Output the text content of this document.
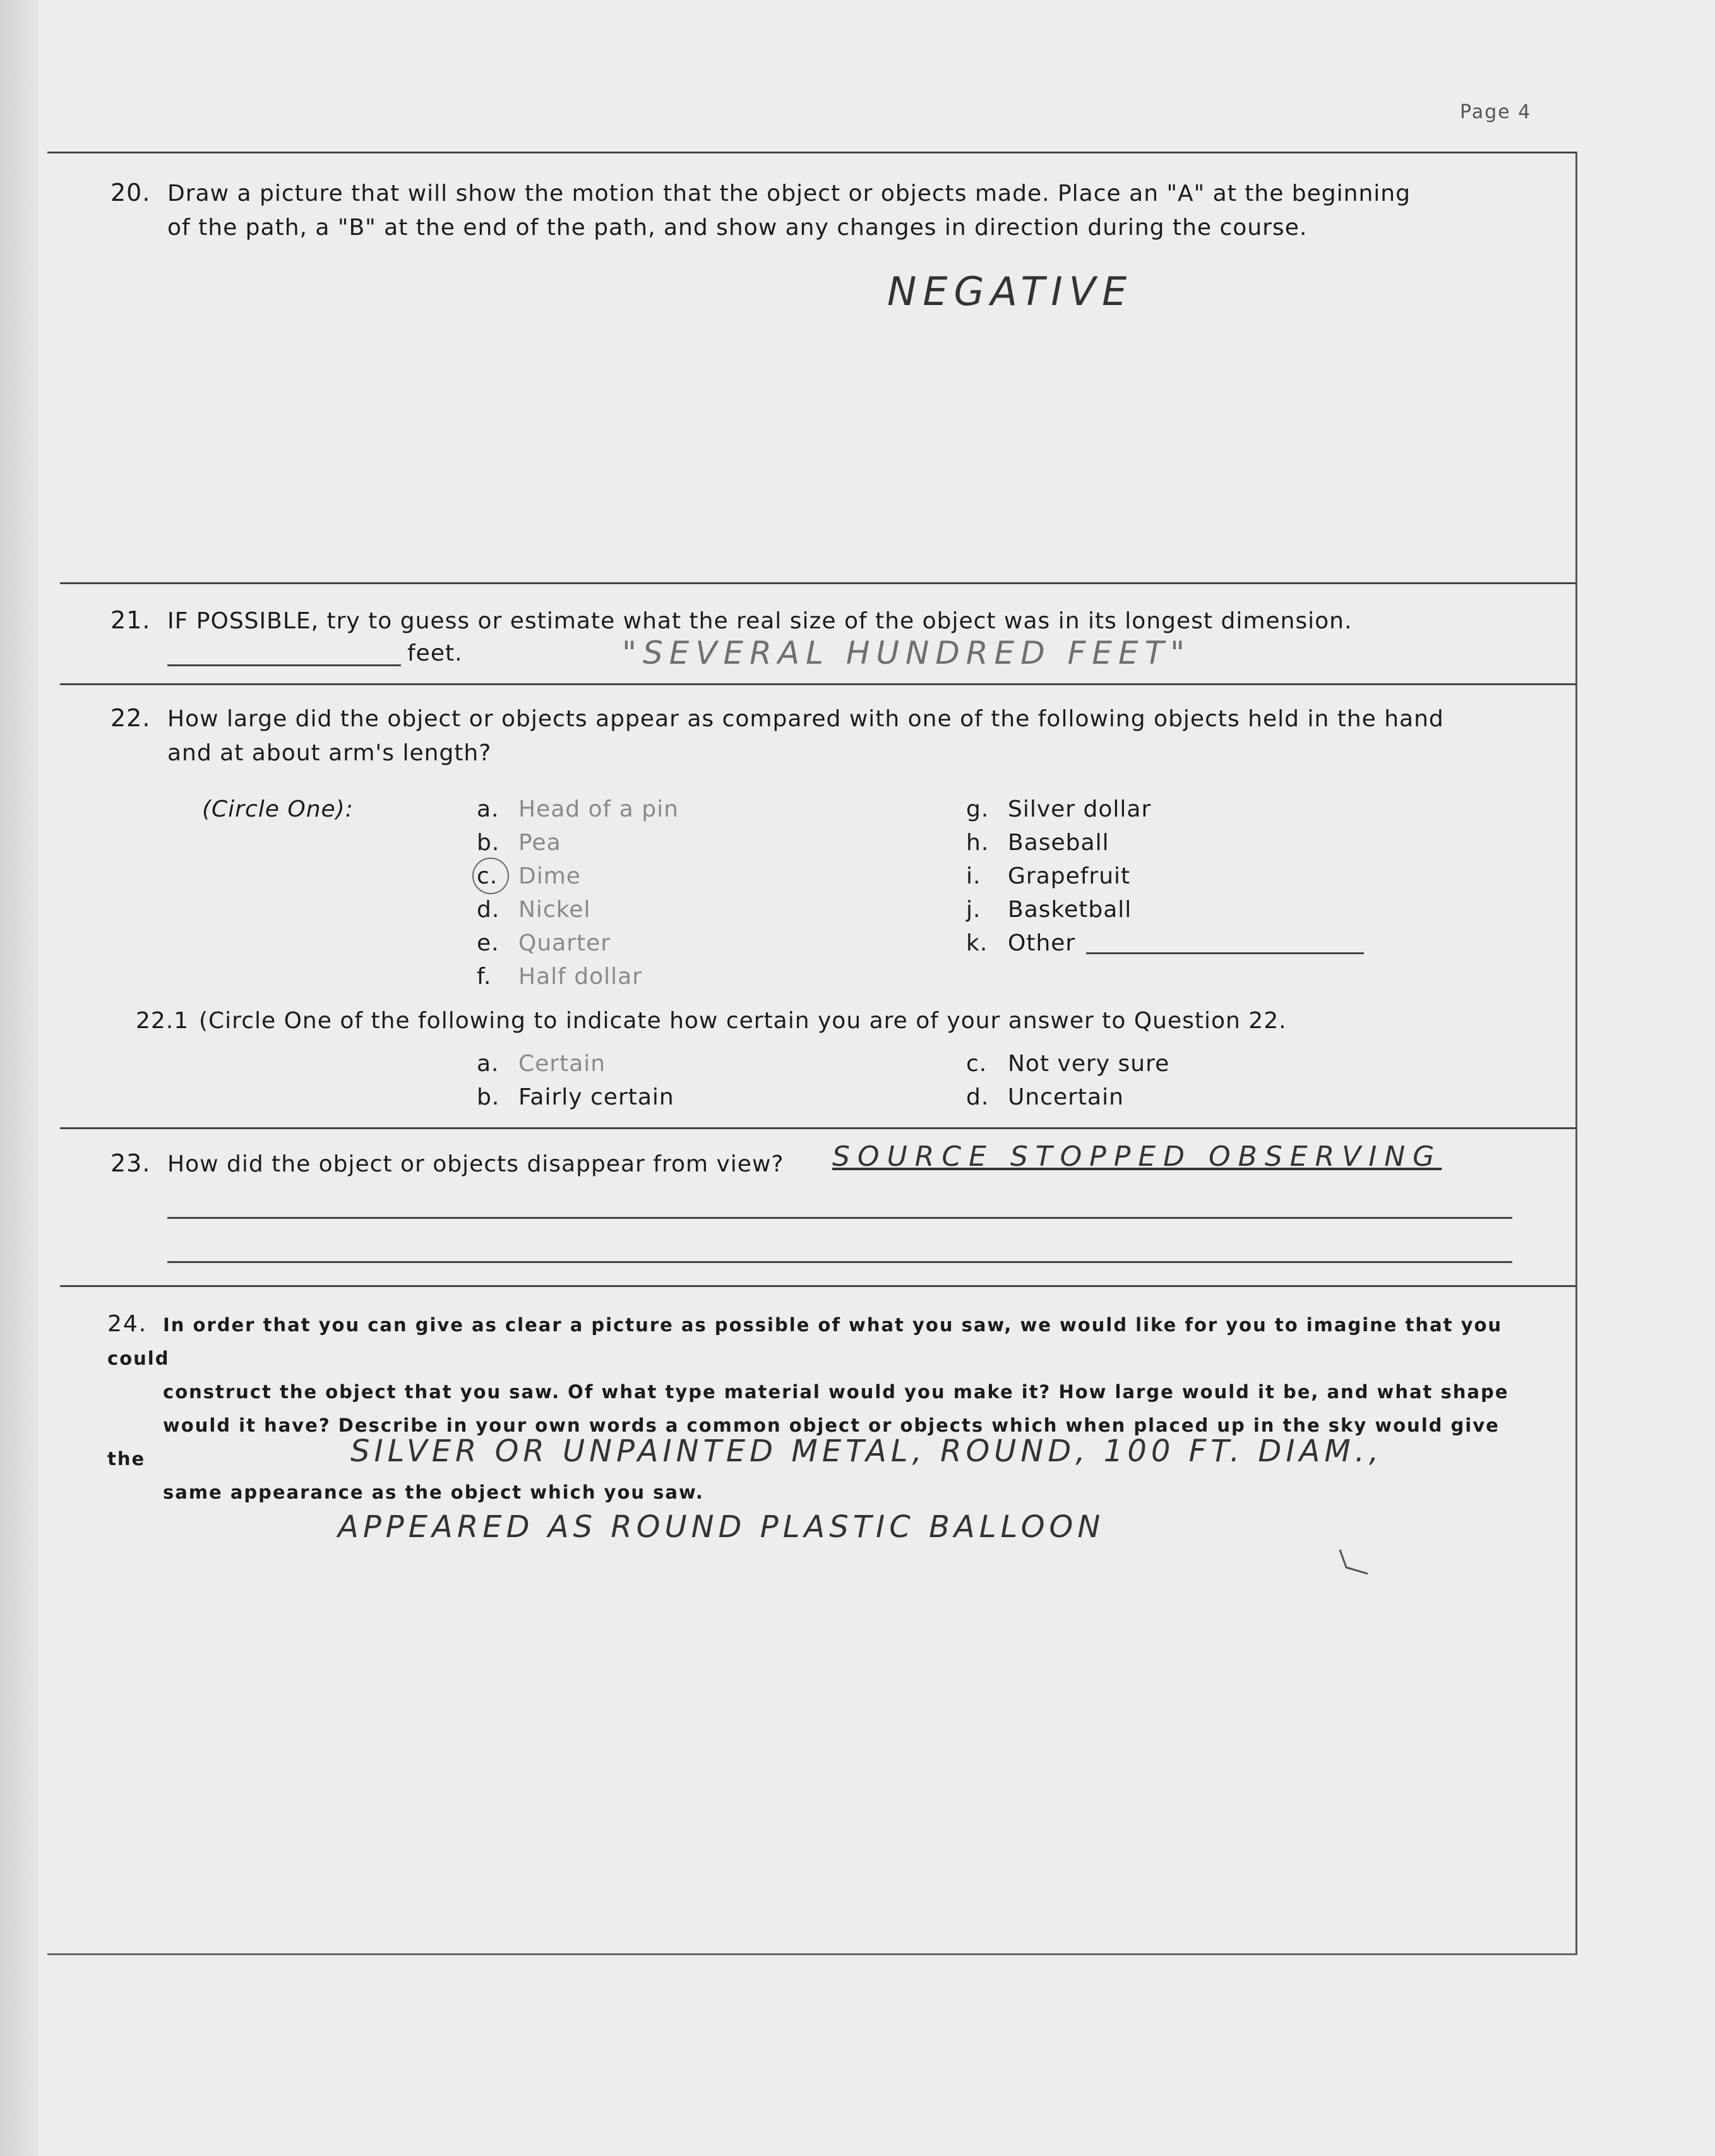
Page 4
20. Draw a picture that will show the motion that the object or objects made. Place an "A" at the beginning
of the path, a "B" at the end of the path, and show any changes in direction during the course.
NEGATIVE
21. IF POSSIBLE, try to guess or estimate what the real size of the object was in its longest dimension.
feet.	"SEVERAL HUNDRED FEET"
22. How large did the object or objects appear as compared with one of the following objects held in the hand
and at about arm's length?
(Circle One):	a. Head of a pin
b. Pea
c. Dime
d. Nickel
e. Quarter
f. Half dollar
g. Silver dollar
h. Baseball
i. Grapefruit
j. Basketball
k. Other
22.1 (Circle One of the following to indicate how certain you are of your answer to Question 22.
a. Certain
b. Fairly certain
c. Not very sure
d. Uncertain
23. How did the object or objects disappear from view? SOURCE STOPPED OBSERVING
24. In order that you can give as clear a picture as possible of what you saw, we would like for you to imagine that you could
construct the object that you saw. Of what type material would you make it? How large would it be, and what shape
would it have? Describe in your own words a common object or objects which when placed up in the sky would give the
same appearance as the object which you saw.
SILVER OR UNPAINTED METAL, ROUND, 100 FT. DIAM.,
APPEARED AS ROUND PLASTIC BALLOON
